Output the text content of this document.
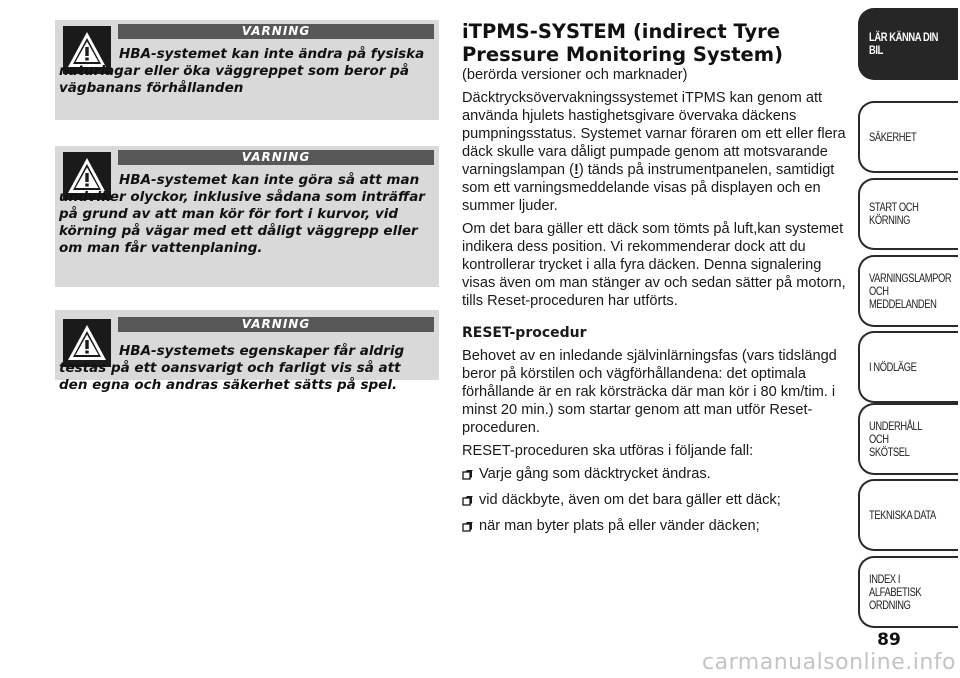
VARNING
HBA-systemet kan inte ändra på fysiska naturlagar eller öka väggreppet som beror på vägbanans förhållanden
VARNING
HBA-systemet kan inte göra så att man undviker olyckor, inklusive sådana som inträffar på grund av att man kör för fort i kurvor, vid körning på vägar med ett dåligt väggrepp eller om man får vattenplaning.
VARNING
HBA-systemets egenskaper får aldrig testas på ett oansvarigt och farligt vis så att den egna och andras säkerhet sätts på spel.
iTPMS-SYSTEM (indirect Tyre Pressure Monitoring System)

(berörda versioner och marknader)

Däcktrycksövervakningssystemet iTPMS kan genom att använda hjulets hastighetsgivare övervaka däckens pumpningsstatus. Systemet varnar föraren om ett eller flera däck skulle vara dåligt pumpade genom att motsvarande varningslampan (!) tänds på instrumentpanelen, samtidigt som ett varningsmeddelande visas på displayen och en summer ljuder.

Om det bara gäller ett däck som tömts på luft,kan systemet indikera dess position. Vi rekommenderar dock att du kontrollerar trycket i alla fyra däcken. Denna signalering visas även om man stänger av och sedan sätter på motorn, tills Reset-proceduren har utförts.

RESET-procedur

Behovet av en inledande självinlärningsfas (vars tidslängd beror på körstilen och vägförhållandena: det optimala förhållande är en rak körsträcka där man kör i 80 km/tim. i minst 20 min.) som startar genom att man utför Reset-proceduren.

RESET-proceduren ska utföras i följande fall:

Varje gång som däcktrycket ändras.
vid däckbyte, även om det bara gäller ett däck;
när man byter plats på eller vänder däcken;
LÄR KÄNNA DIN
BIL
SÄKERHET
START OCH
KÖRNING
VARNINGSLAMPOR
OCH
MEDDELANDEN
I NÖDLÄGE
UNDERHÅLL OCH
SKÖTSEL
TEKNISKA DATA
INDEX I ALFABETISK
ORDNING
89
carmanualsonline.info
